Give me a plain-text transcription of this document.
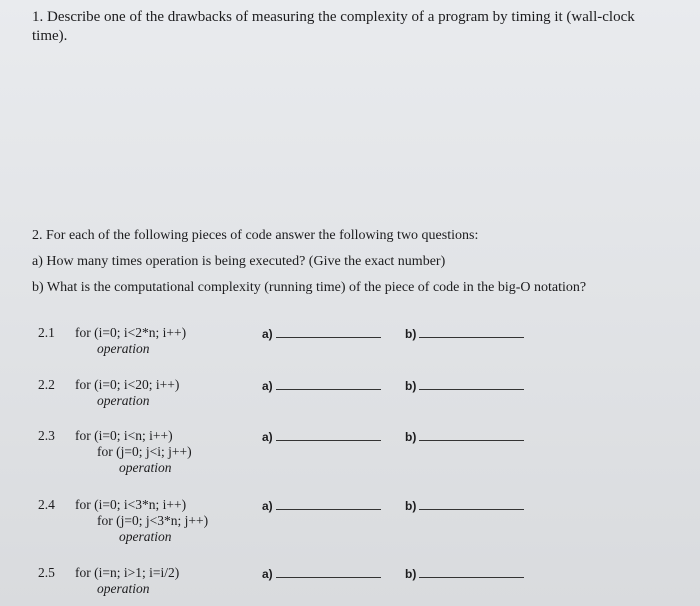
1. Describe one of the drawbacks of measuring the complexity of a program by timing it (wall-clock time).
2. For each of the following pieces of code answer the following two questions:
a) How many times operation is being executed? (Give the exact number)
b) What is the computational complexity (running time) of the piece of code in the big-O notation?
2.1 for (i=0; i<2*n; i++)
operation
a)	b)
2.2 for (i=0; i<20; i++)
operation
a)	b)
2.3 for (i=0; i<n; i++)
for (j=0; j<i; j++)
operation
a)	b)
2.4 for (i=0; i<3*n; i++)
for (j=0; j<3*n; j++)
operation
a)	b)
2.5 for (i=n; i>1; i=i/2)
operation
a)	b)
